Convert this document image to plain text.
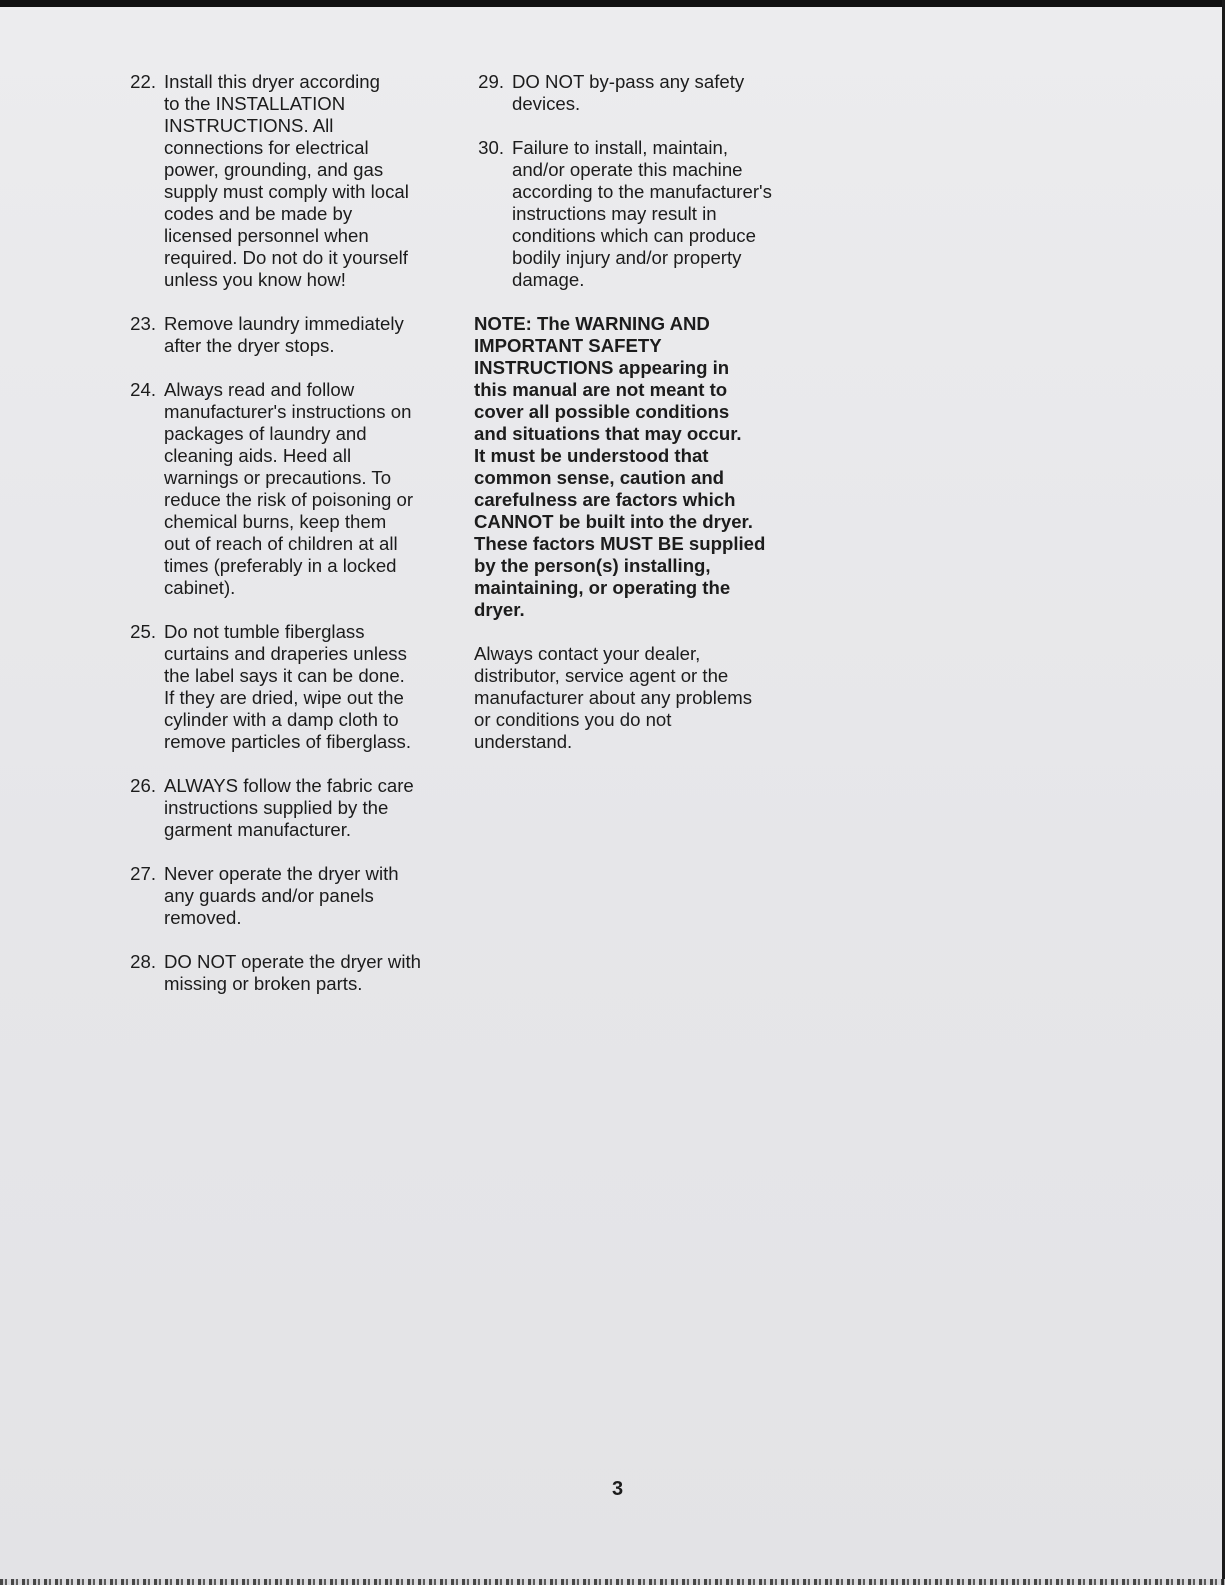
22. Install this dryer according
to the INSTALLATION
INSTRUCTIONS. All
connections for electrical
power, grounding, and gas
supply must comply with local
codes and be made by
licensed personnel when
required. Do not do it yourself
unless you know how!
23. Remove laundry immediately
after the dryer stops.
24. Always read and follow
manufacturer's instructions on
packages of laundry and
cleaning aids. Heed all
warnings or precautions. To
reduce the risk of poisoning or
chemical burns, keep them
out of reach of children at all
times (preferably in a locked
cabinet).
25. Do not tumble fiberglass
curtains and draperies unless
the label says it can be done.
If they are dried, wipe out the
cylinder with a damp cloth to
remove particles of fiberglass.
26. ALWAYS follow the fabric care
instructions supplied by the
garment manufacturer.
27. Never operate the dryer with
any guards and/or panels
removed.
28. DO NOT operate the dryer with
missing or broken parts.
29. DO NOT by-pass any safety
devices.
30. Failure to install, maintain,
and/or operate this machine
according to the manufacturer's
instructions may result in
conditions which can produce
bodily injury and/or property
damage.

NOTE: The WARNING AND
IMPORTANT SAFETY
INSTRUCTIONS appearing in
this manual are not meant to
cover all possible conditions
and situations that may occur.
It must be understood that
common sense, caution and
carefulness are factors which
CANNOT be built into the dryer.
These factors MUST BE supplied
by the person(s) installing,
maintaining, or operating the
dryer.

Always contact your dealer,
distributor, service agent or the
manufacturer about any problems
or conditions you do not
understand.

3
